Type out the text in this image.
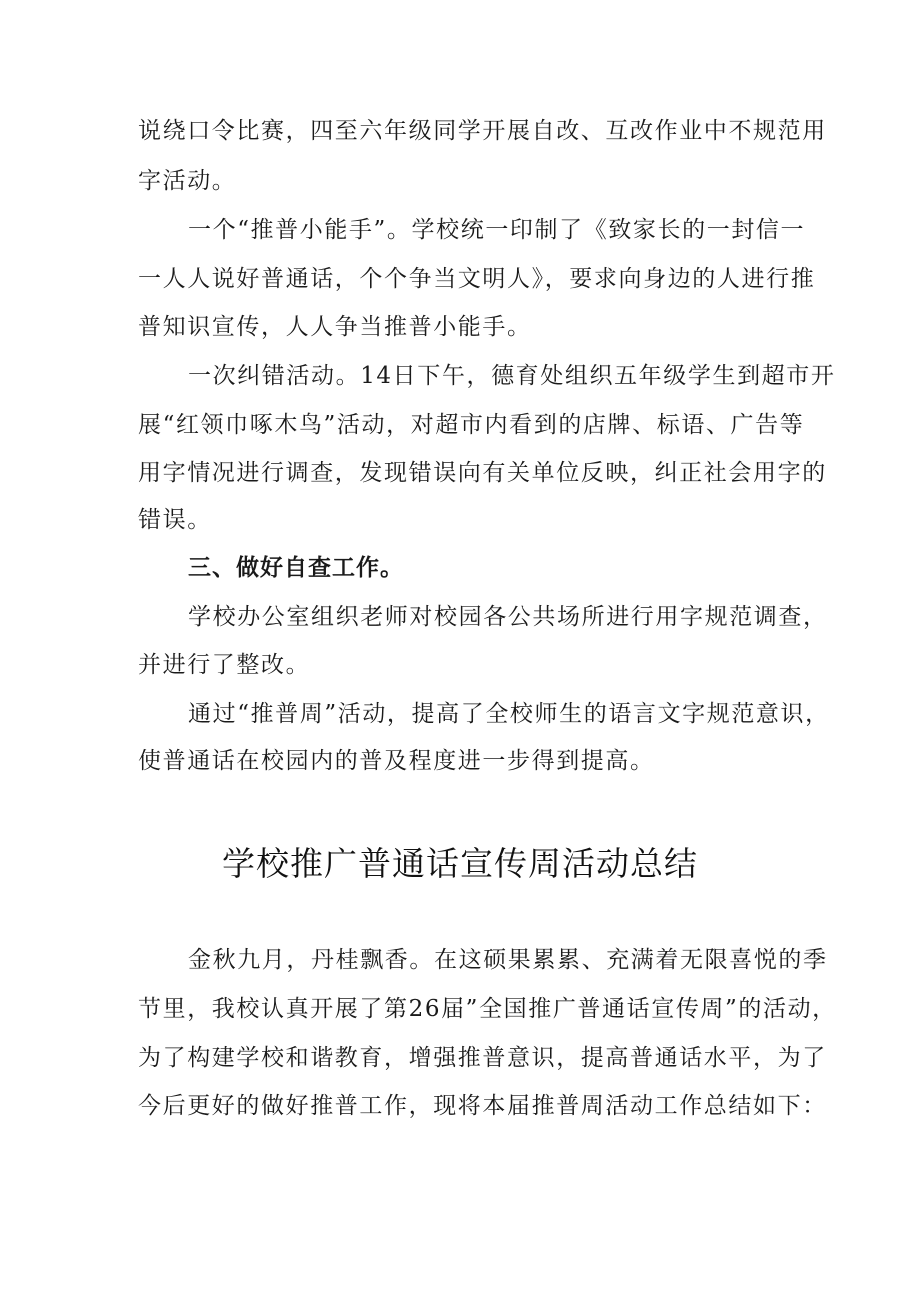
说绕口令比赛，四至六年级同学开展自改、互改作业中不规范用
字活动。
一个“推普小能手”。学校统一印制了《致家长的一封信一
一人人说好普通话，个个争当文明人》，要求向身边的人进行推
普知识宣传，人人争当推普小能手。
一次纠错活动。14日下午，德育处组织五年级学生到超市开
展“红领巾啄木鸟”活动，对超市内看到的店牌、标语、广告等
用字情况进行调查，发现错误向有关单位反映，纠正社会用字的
错误。
三、做好自查工作。
学校办公室组织老师对校园各公共场所进行用字规范调查，
并进行了整改。
通过“推普周”活动，提高了全校师生的语言文字规范意识，
使普通话在校园内的普及程度进一步得到提高。
学校推广普通话宣传周活动总结
金秋九月，丹桂飘香。在这硕果累累、充满着无限喜悦的季
节里，我校认真开展了第26届”全国推广普通话宣传周”的活动，
为了构建学校和谐教育，增强推普意识，提高普通话水平，为了
今后更好的做好推普工作，现将本届推普周活动工作总结如下：
